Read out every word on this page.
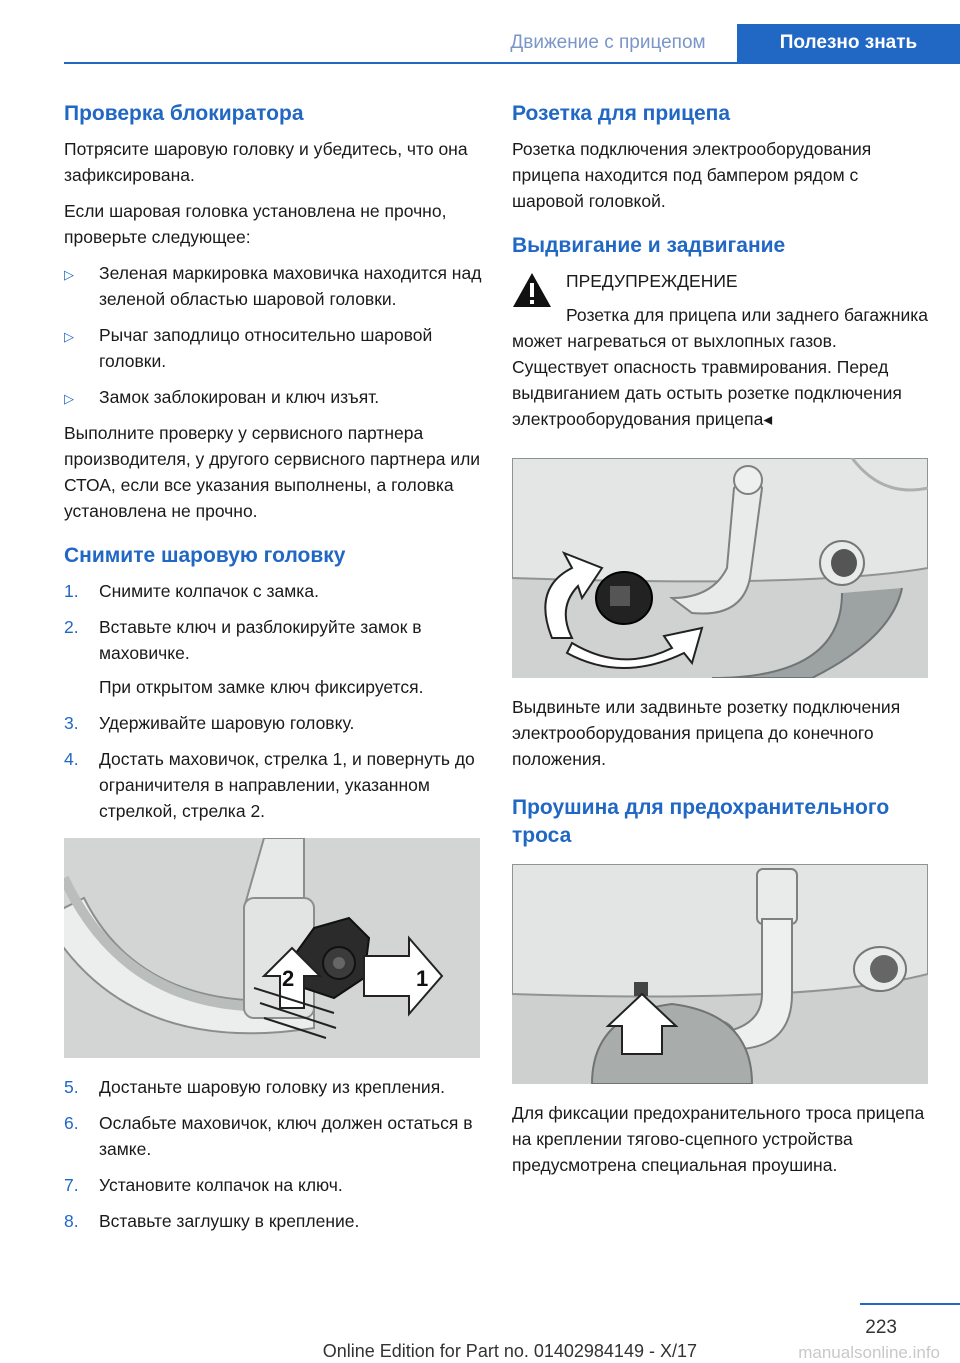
Движение с прицепом	Полезно знать
Проверка блокиратора

Потрясите шаровую головку и убедитесь, что она зафиксирована.

Если шаровая головка установлена не прочно, проверьте следующее:

▷ Зеленая маркировка маховичка находится над зеленой областью шаровой головки.
▷ Рычаг заподлицо относительно шаровой головки.
▷ Замок заблокирован и ключ изъят.

Выполните проверку у сервисного партнера производителя, у другого сервисного партнера или СТОА, если все указания выполнены, а головка установлена не прочно.

Снимите шаровую головку
1. Снимите колпачок с замка.
2. Вставьте ключ и разблокируйте замок в маховичке.
При открытом замке ключ фиксируется.
3. Удерживайте шаровую головку.
4. Достать маховичок, стрелка 1, и повернуть до ограничителя в направлении, указанном стрелкой, стрелка 2.
1
2
5. Достаньте шаровую головку из крепления.
6. Ослабьте маховичок, ключ должен остаться в замке.
7. Установите колпачок на ключ.
8. Вставьте заглушку в крепление.
Розетка для прицепа

Розетка подключения электрооборудования прицепа находится под бампером рядом с шаровой головкой.

Выдвигание и задвигание
ПРЕДУПРЕЖДЕНИЕ

Розетка для прицепа или заднего багажника может нагреваться от выхлопных газов. Существует опасность травмирования. Перед выдвиганием дать остыть розетке подключения электрооборудования прицепа◂

Выдвиньте или задвиньте розетку подключения электрооборудования прицепа до конечного положения.

Проушина для предохранительного троса

Для фиксации предохранительного троса прицепа на креплении тягово-сцепного устройства предусмотрена специальная проушина.

223
Online Edition for Part no. 01402984149 - X/17	manualsonline.info
